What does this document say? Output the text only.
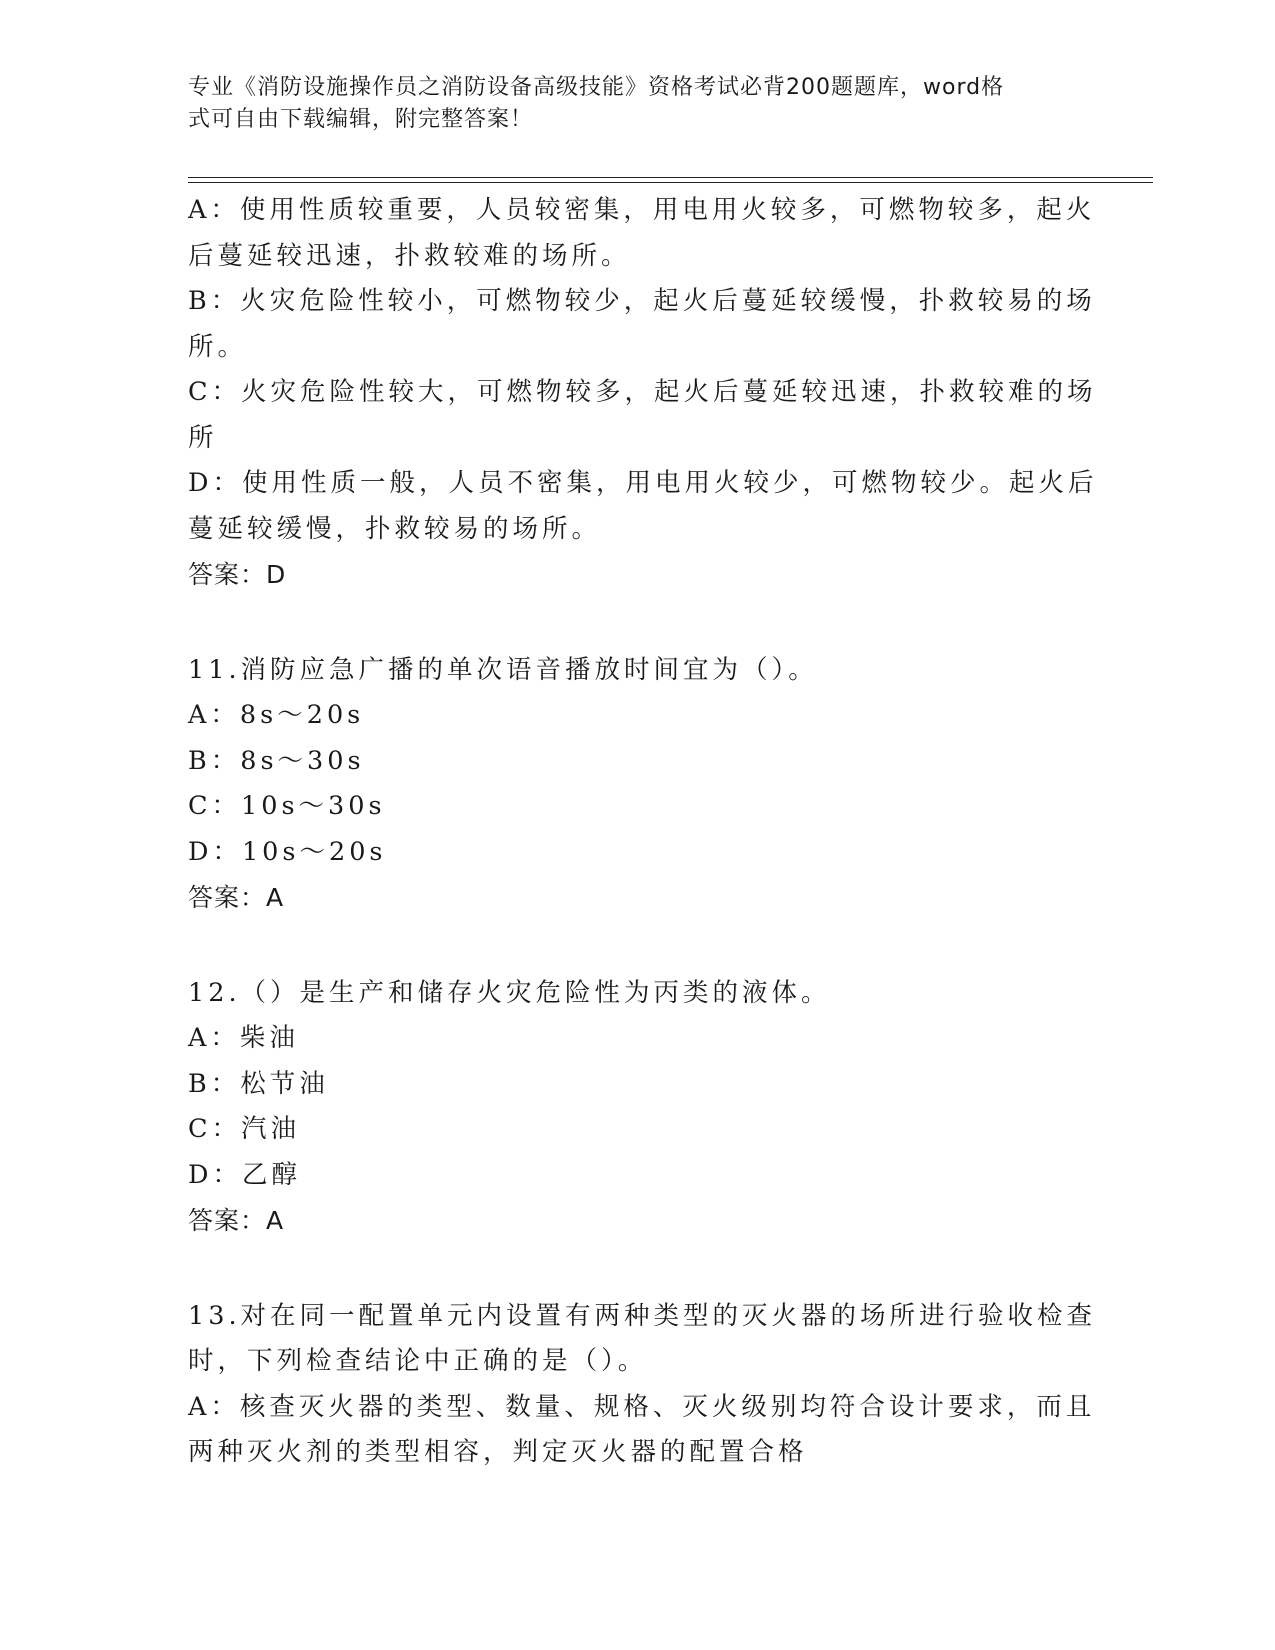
专业《消防设施操作员之消防设备高级技能》资格考试必背200题题库，word格
式可自由下载编辑，附完整答案！
A：使用性质较重要，人员较密集，用电用火较多，可燃物较多，起火
后蔓延较迅速，扑救较难的场所。
B：火灾危险性较小，可燃物较少，起火后蔓延较缓慢，扑救较易的场
所。
C：火灾危险性较大，可燃物较多，起火后蔓延较迅速，扑救较难的场
所
D：使用性质一般，人员不密集，用电用火较少，可燃物较少。起火后
蔓延较缓慢，扑救较易的场所。
答案：D
11.消防应急广播的单次语音播放时间宜为（）。
A：8s～20s
B：8s～30s
C：10s～30s
D：10s～20s
答案：A
12.（）是生产和储存火灾危险性为丙类的液体。
A：柴油
B：松节油
C：汽油
D：乙醇
答案：A
13.对在同一配置单元内设置有两种类型的灭火器的场所进行验收检查
时，下列检查结论中正确的是（）。
A：核查灭火器的类型、数量、规格、灭火级别均符合设计要求，而且
两种灭火剂的类型相容，判定灭火器的配置合格
